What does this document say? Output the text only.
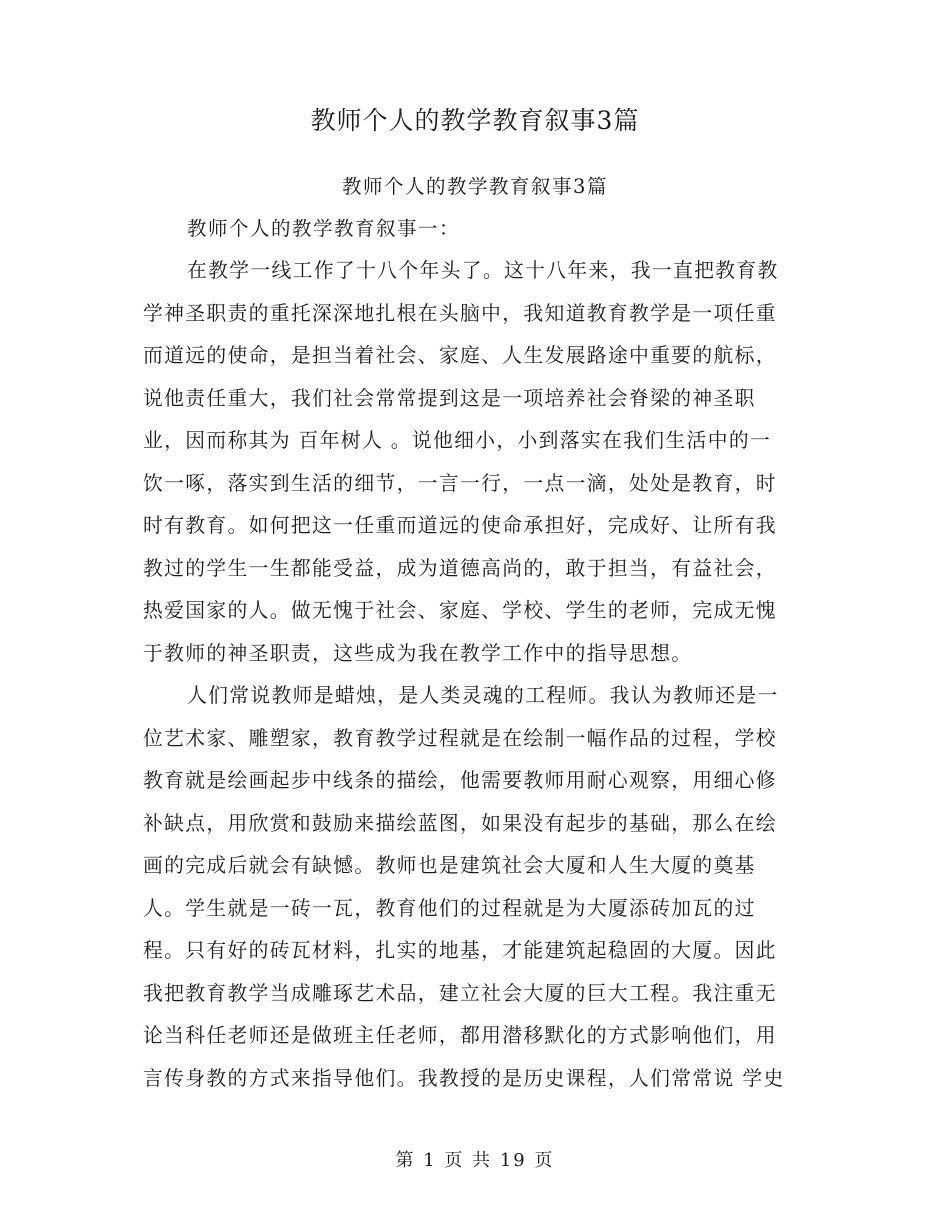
教师个人的教学教育叙事3篇
教师个人的教学教育叙事3篇
教师个人的教学教育叙事一：
在教学一线工作了十八个年头了。这十八年来，我一直把教育教
学神圣职责的重托深深地扎根在头脑中，我知道教育教学是一项任重
而道远的使命，是担当着社会、家庭、人生发展路途中重要的航标，
说他责任重大，我们社会常常提到这是一项培养社会脊梁的神圣职
业，因而称其为 百年树人 。说他细小，小到落实在我们生活中的一
饮一啄，落实到生活的细节，一言一行，一点一滴，处处是教育，时
时有教育。如何把这一任重而道远的使命承担好，完成好、让所有我
教过的学生一生都能受益，成为道德高尚的，敢于担当，有益社会，
热爱国家的人。做无愧于社会、家庭、学校、学生的老师，完成无愧
于教师的神圣职责，这些成为我在教学工作中的指导思想。
人们常说教师是蜡烛，是人类灵魂的工程师。我认为教师还是一
位艺术家、雕塑家，教育教学过程就是在绘制一幅作品的过程，学校
教育就是绘画起步中线条的描绘，他需要教师用耐心观察，用细心修
补缺点，用欣赏和鼓励来描绘蓝图，如果没有起步的基础，那么在绘
画的完成后就会有缺憾。教师也是建筑社会大厦和人生大厦的奠基
人。学生就是一砖一瓦，教育他们的过程就是为大厦添砖加瓦的过
程。只有好的砖瓦材料，扎实的地基，才能建筑起稳固的大厦。因此
我把教育教学当成雕琢艺术品，建立社会大厦的巨大工程。我注重无
论当科任老师还是做班主任老师，都用潜移默化的方式影响他们，用
言传身教的方式来指导他们。我教授的是历史课程，人们常常说 学史
第 1 页 共 19 页
